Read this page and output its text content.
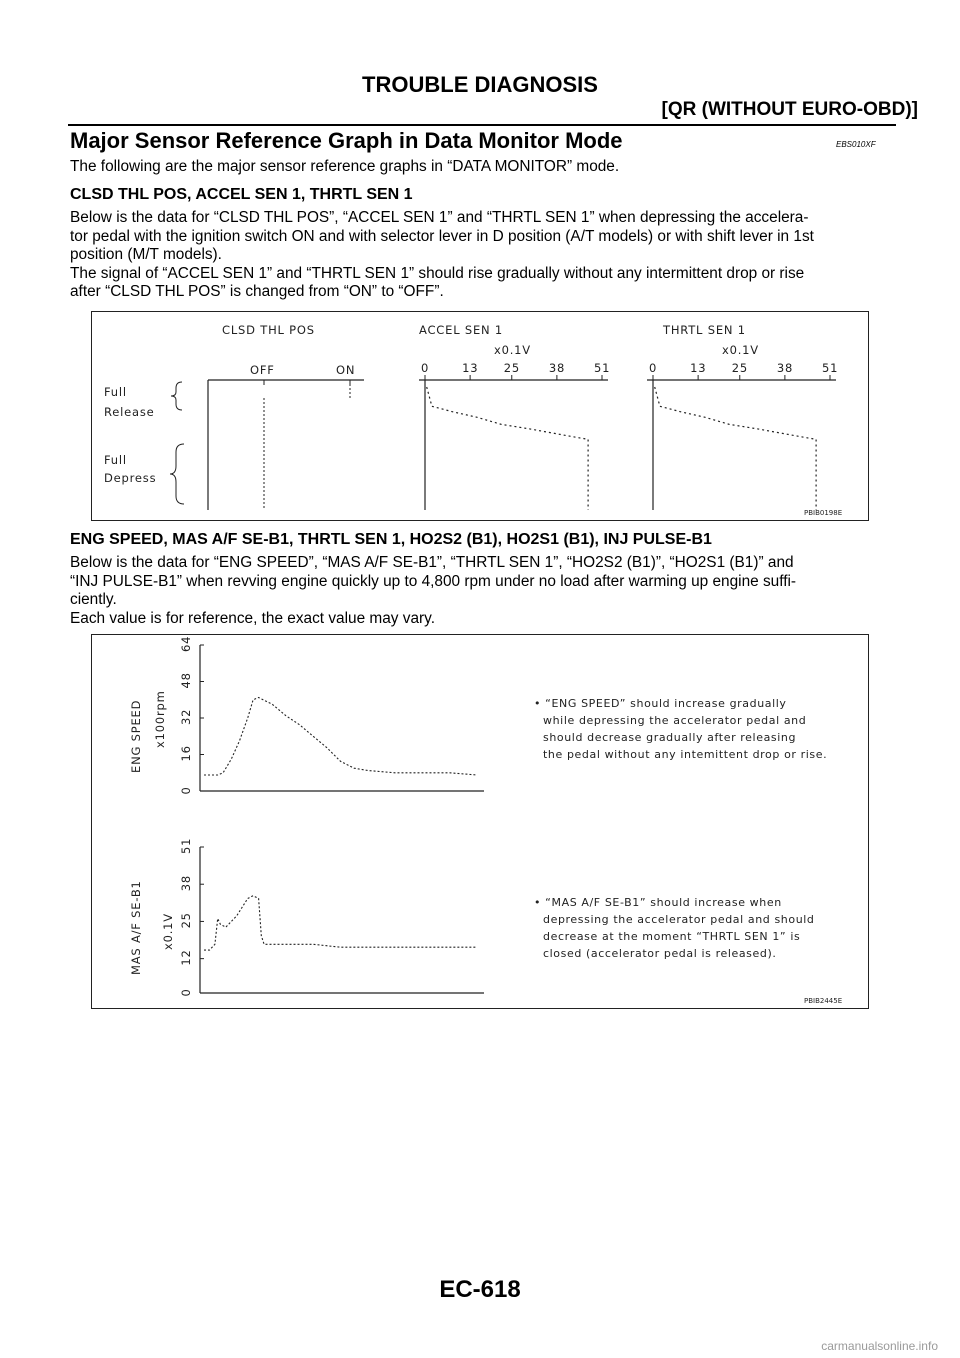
TROUBLE DIAGNOSIS
[QR (WITHOUT EURO-OBD)]
Major Sensor Reference Graph in Data Monitor Mode	EBS010XF
The following are the major sensor reference graphs in “DATA MONITOR” mode.
CLSD THL POS, ACCEL SEN 1, THRTL SEN 1
Below is the data for “CLSD THL POS”, “ACCEL SEN 1” and “THRTL SEN 1” when depressing the accelera-
tor pedal with the ignition switch ON and with selector lever in D position (A/T models) or with shift lever in 1st
position (M/T models).
The signal of “ACCEL SEN 1” and “THRTL SEN 1” should rise gradually without any intermittent drop or rise
after “CLSD THL POS” is changed from “ON” to “OFF”.
Full
Release
Full
Depress
CLSD THL POS
OFF	ON
ACCEL SEN 1
x0.1V
0	13 25	38	51
THRTL SEN 1
x0.1V
0	13 25	38	51
PBIB0198E
ENG SPEED, MAS A/F SE-B1, THRTL SEN 1, HO2S2 (B1), HO2S1 (B1), INJ PULSE-B1
Below is the data for “ENG SPEED”, “MAS A/F SE-B1”, “THRTL SEN 1”, “HO2S2 (B1)”, “HO2S1 (B1)” and
“INJ PULSE-B1” when revving engine quickly up to 4,800 rpm under no load after warming up engine suffi-
ciently.
Each value is for reference, the exact value may vary.
0
16
32
48
64
ENG SPEED x100rpm
0
12
25
38
51
MAS A/F SE-B1 x0.1V
• “ENG SPEED” should increase gradually
while depressing the accelerator pedal and
should decrease gradually after releasing
the pedal without any intemittent drop or rise.
• “MAS A/F SE-B1” should increase when
depressing the accelerator pedal and should
decrease at the moment “THRTL SEN 1” is
closed (accelerator pedal is released).
PBIB2445E
EC-618
carmanualsonline.info
